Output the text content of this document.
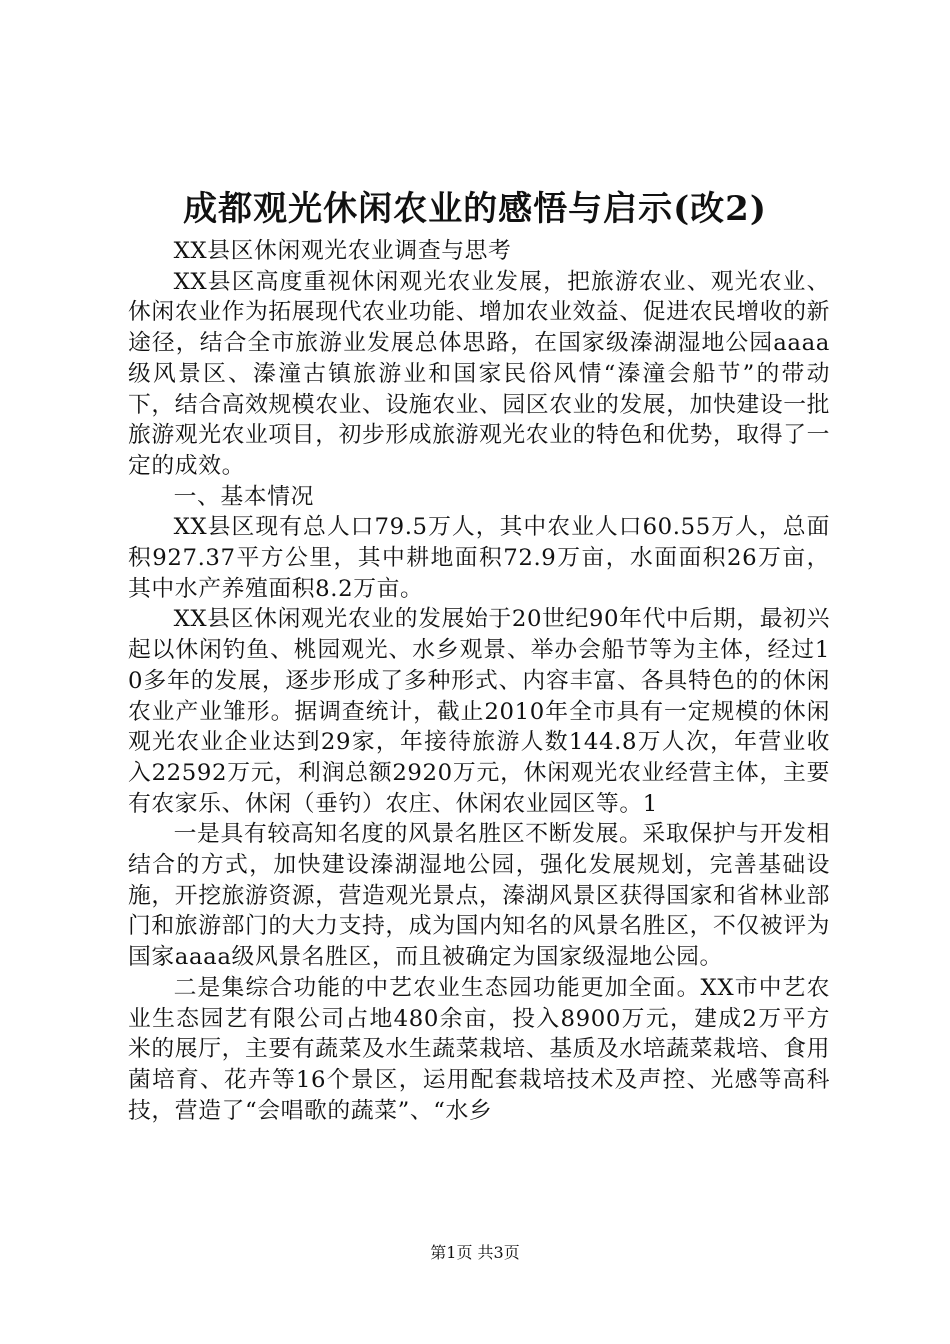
成都观光休闲农业的感悟与启示(改2)

XX县区休闲观光农业调查与思考

XX县区高度重视休闲观光农业发展，把旅游农业、观光农业、休闲农业作为拓展现代农业功能、增加农业效益、促进农民增收的新途径，结合全市旅游业发展总体思路，在国家级溱湖湿地公园aaaa级风景区、溱潼古镇旅游业和国家民俗风情“溱潼会船节”的带动下，结合高效规模农业、设施农业、园区农业的发展，加快建设一批旅游观光农业项目，初步形成旅游观光农业的特色和优势，取得了一定的成效。

一、基本情况

XX县区现有总人口79.5万人，其中农业人口60.55万人，总面积927.37平方公里，其中耕地面积72.9万亩，水面面积26万亩，其中水产养殖面积8.2万亩。

XX县区休闲观光农业的发展始于20世纪90年代中后期，最初兴起以休闲钓鱼、桃园观光、水乡观景、举办会船节等为主体，经过10多年的发展，逐步形成了多种形式、内容丰富、各具特色的的休闲农业产业雏形。据调查统计，截止2010年全市具有一定规模的休闲观光农业企业达到29家，年接待旅游人数144.8万人次，年营业收入22592万元，利润总额2920万元，休闲观光农业经营主体，主要有农家乐、休闲（垂钓）农庄、休闲农业园区等。1

一是具有较高知名度的风景名胜区不断发展。采取保护与开发相结合的方式，加快建设溱湖湿地公园，强化发展规划，完善基础设施，开挖旅游资源，营造观光景点，溱湖风景区获得国家和省林业部门和旅游部门的大力支持，成为国内知名的风景名胜区，不仅被评为国家aaaa级风景名胜区，而且被确定为国家级湿地公园。

二是集综合功能的中艺农业生态园功能更加全面。XX市中艺农业生态园艺有限公司占地480余亩，投入8900万元，建成2万平方米的展厅，主要有蔬菜及水生蔬菜栽培、基质及水培蔬菜栽培、食用菌培育、花卉等16个景区，运用配套栽培技术及声控、光感等高科技，营造了“会唱歌的蔬菜”、“水乡

第1页 共3页
